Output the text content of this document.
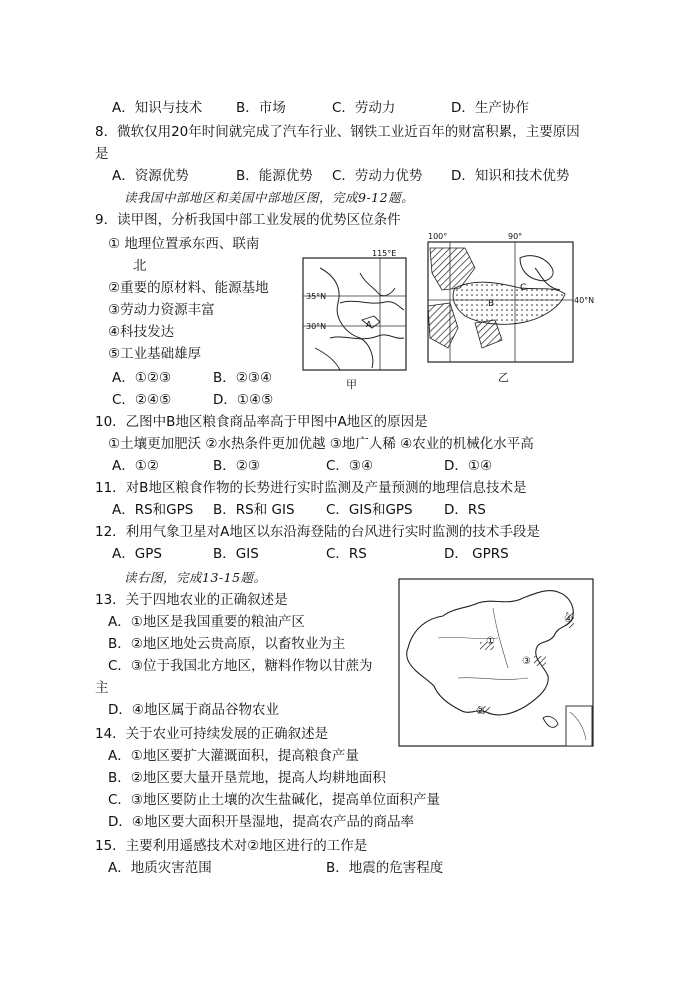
A．知识与技术	B．市场	C．劳动力	D．生产协作
8．微软仅用20年时间就完成了汽车行业、钢铁工业近百年的财富积累，主要原因
是
A．资源优势	B．能源优势 C．劳动力优势 D．知识和技术优势
读我国中部地区和美国中部地区图，完成9-12题。
9．读甲图，分析我国中部工业发展的优势区位条件
① 地理位置承东西、联南
北
②重要的原材料、能源基地
③劳动力资源丰富
④科技发达
⑤工业基础雄厚
A．①②③	B．②③④
C．②④⑤	D．①④⑤
115°E
35°N
30°N	A
甲
100°	90°
40°N
B
C
乙
10．乙图中B地区粮食商品率高于甲图中A地区的原因是
①土壤更加肥沃 ②水热条件更加优越 ③地广人稀 ④农业的机械化水平高
A．①②	B．②③	C．③④	D．①④
11．对B地区粮食作物的长势进行实时监测及产量预测的地理信息技术是
A．RS和GPS B．RS和 GIS C．GIS和GPS D．RS
12．利用气象卫星对A地区以东沿海登陆的台风进行实时监测的技术手段是
A．GPS	B．GIS	C．RS	D． GPRS
读右图，完成13-15题。
13．关于四地农业的正确叙述是
A．①地区是我国重要的粮油产区
B．②地区地处云贵高原，以畜牧业为主
C．③位于我国北方地区，糖料作物以甘蔗为
主
D．④地区属于商品谷物农业
①
②
③
④
14．关于农业可持续发展的正确叙述是
A．①地区要扩大灌溉面积，提高粮食产量
B．②地区要大量开垦荒地，提高人均耕地面积
C．③地区要防止土壤的次生盐碱化，提高单位面积产量
D．④地区要大面积开垦湿地，提高农产品的商品率
15．主要利用遥感技术对②地区进行的工作是
A．地质灾害范围	B．地震的危害程度
